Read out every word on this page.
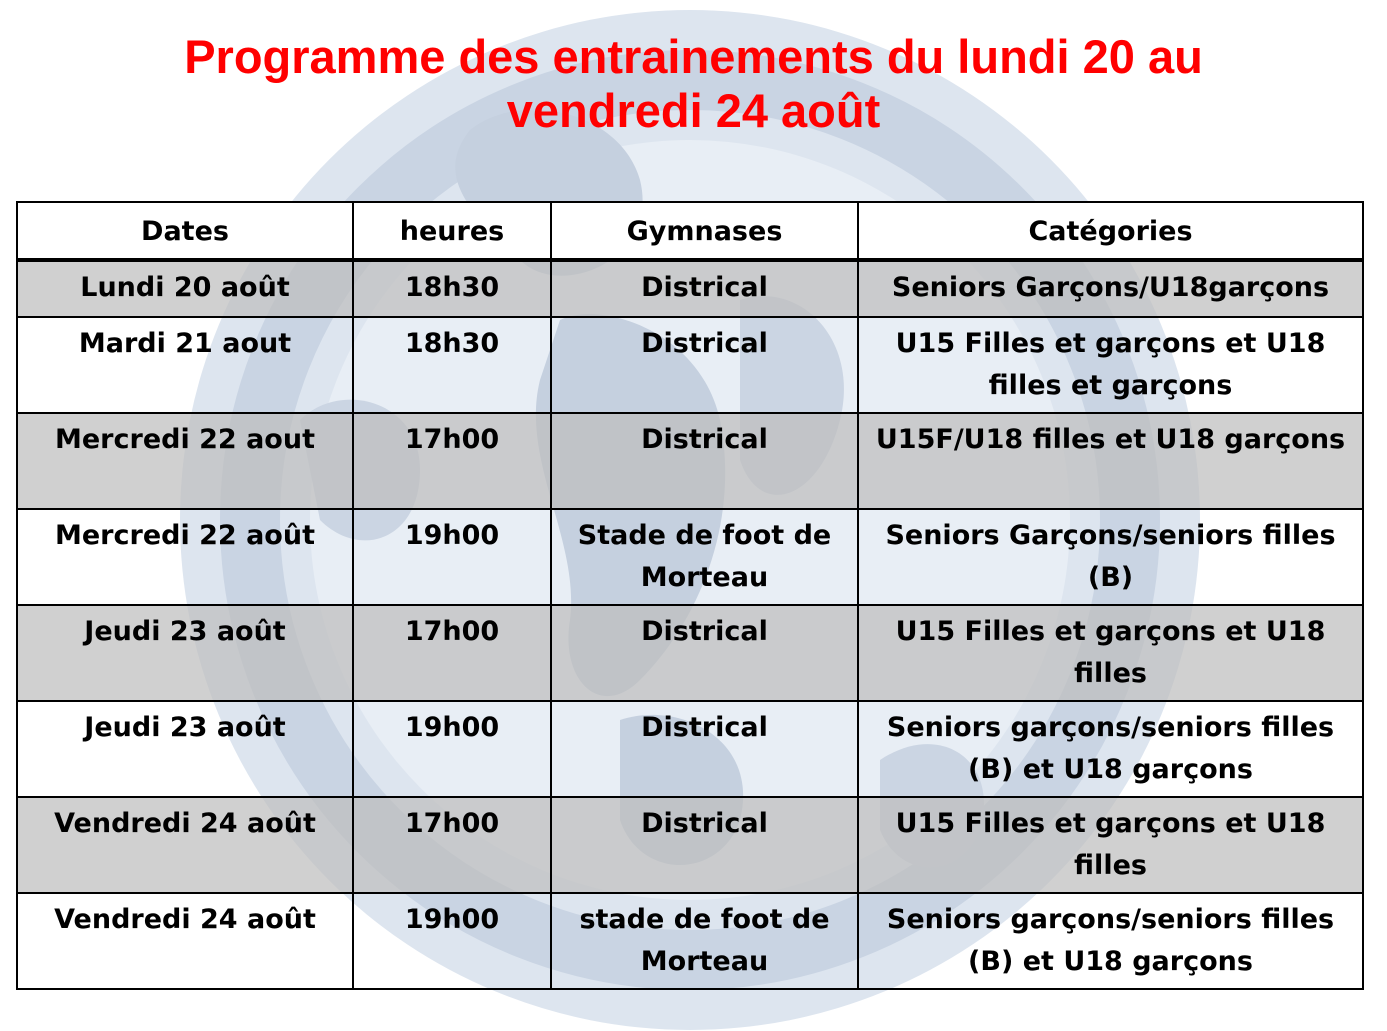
Programme des entrainements du lundi 20 au
vendredi 24 août
Dates	heures	Gymnases	Catégories
Lundi 20 août	18h30	Districal	Seniors Garçons/U18garçons
Mardi 21 aout	18h30	Districal	U15 Filles et garçons et U18 filles et garçons
Mercredi 22 aout	17h00	Districal	U15F/U18 filles et U18 garçons
Mercredi 22 août	19h00	Stade de foot de Morteau	Seniors Garçons/seniors filles (B)
Jeudi 23 août	17h00	Districal	U15 Filles et garçons et U18 filles
Jeudi 23 août	19h00	Districal	Seniors garçons/seniors filles (B) et U18 garçons
Vendredi 24 août	17h00	Districal	U15 Filles et garçons et U18 filles
Vendredi 24 août	19h00	stade de foot de Morteau	Seniors garçons/seniors filles (B) et U18 garçons
